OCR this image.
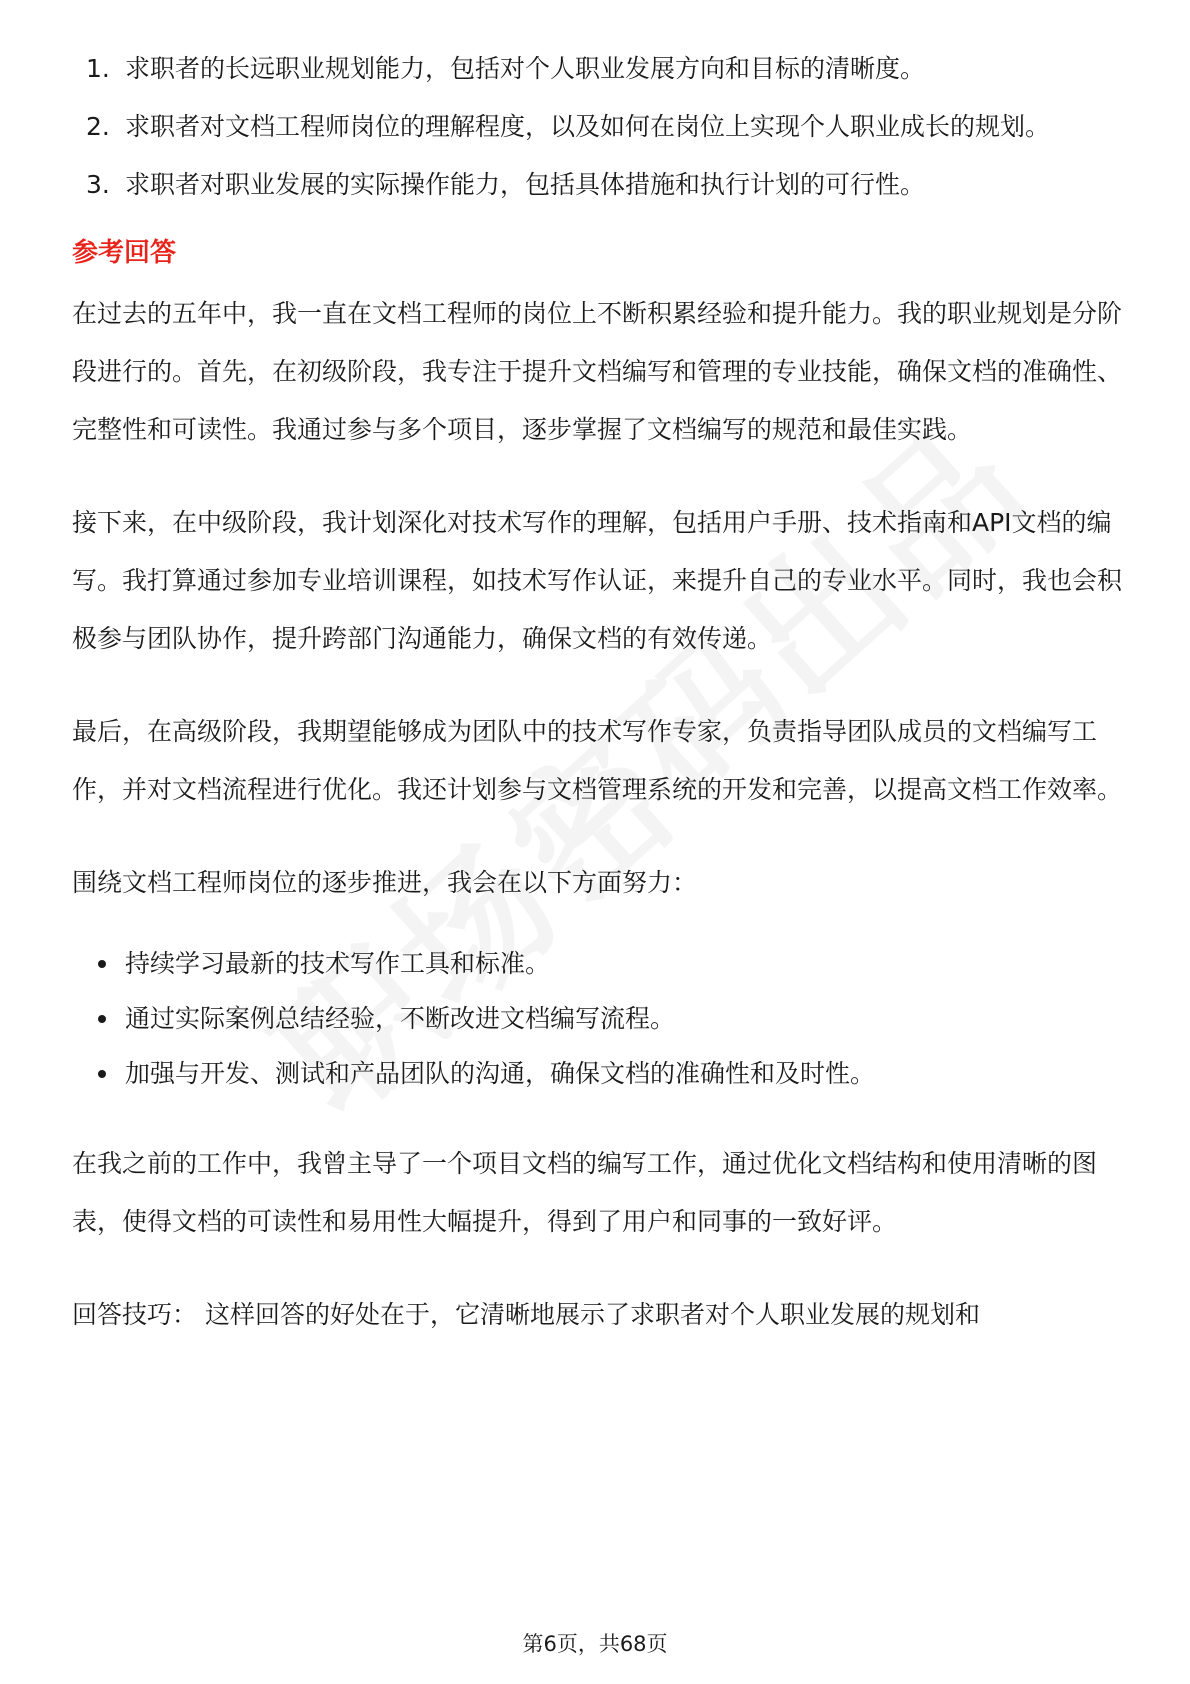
1. 求职者的长远职业规划能力，包括对个人职业发展方向和目标的清晰度。
2. 求职者对文档工程师岗位的理解程度，以及如何在岗位上实现个人职业成长的规划。
3. 求职者对职业发展的实际操作能力，包括具体措施和执行计划的可行性。
参考回答

在过去的五年中，我一直在文档工程师的岗位上不断积累经验和提升能力。我的职业规划是分阶段进行的。首先，在初级阶段，我专注于提升文档编写和管理的专业技能，确保文档的准确性、完整性和可读性。我通过参与多个项目，逐步掌握了文档编写的规范和最佳实践。

接下来，在中级阶段，我计划深化对技术写作的理解，包括用户手册、技术指南和API文档的编写。我打算通过参加专业培训课程，如技术写作认证，来提升自己的专业水平。同时，我也会积极参与团队协作，提升跨部门沟通能力，确保文档的有效传递。

最后，在高级阶段，我期望能够成为团队中的技术写作专家，负责指导团队成员的文档编写工作，并对文档流程进行优化。我还计划参与文档管理系统的开发和完善，以提高文档工作效率。

围绕文档工程师岗位的逐步推进，我会在以下方面努力：

持续学习最新的技术写作工具和标准。
通过实际案例总结经验，不断改进文档编写流程。
加强与开发、测试和产品团队的沟通，确保文档的准确性和及时性。

在我之前的工作中，我曾主导了一个项目文档的编写工作，通过优化文档结构和使用清晰的图表，使得文档的可读性和易用性大幅提升，得到了用户和同事的一致好评。

回答技巧： 这样回答的好处在于，它清晰地展示了求职者对个人职业发展的规划和

第6页，共68页
